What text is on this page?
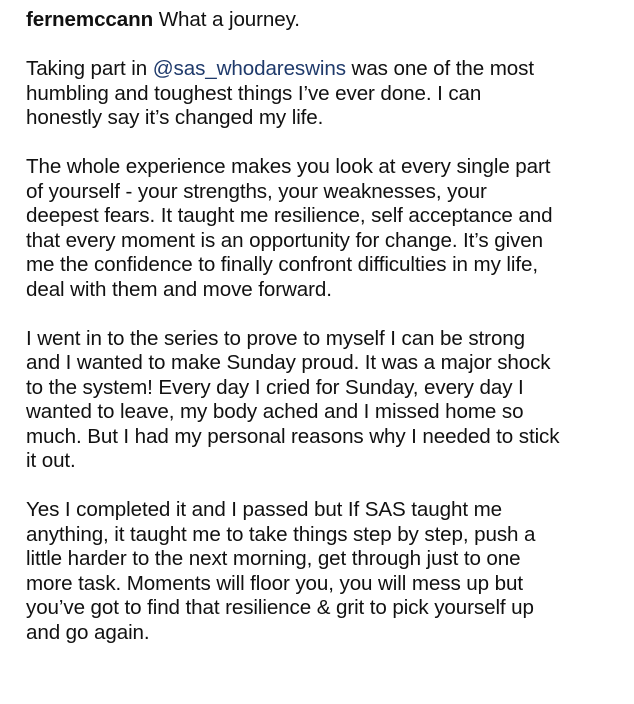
fernemccann What a journey.

Taking part in @sas_whodareswins was one of the most
humbling and toughest things I’ve ever done. I can
honestly say it’s changed my life.

The whole experience makes you look at every single part
of yourself - your strengths, your weaknesses, your
deepest fears. It taught me resilience, self acceptance and
that every moment is an opportunity for change. It’s given
me the confidence to finally confront difficulties in my life,
deal with them and move forward.

I went in to the series to prove to myself I can be strong
and I wanted to make Sunday proud. It was a major shock
to the system! Every day I cried for Sunday, every day I
wanted to leave, my body ached and I missed home so
much. But I had my personal reasons why I needed to stick
it out.

Yes I completed it and I passed but If SAS taught me
anything, it taught me to take things step by step, push a
little harder to the next morning, get through just to one
more task. Moments will floor you, you will mess up but
you’ve got to find that resilience & grit to pick yourself up
and go again.
